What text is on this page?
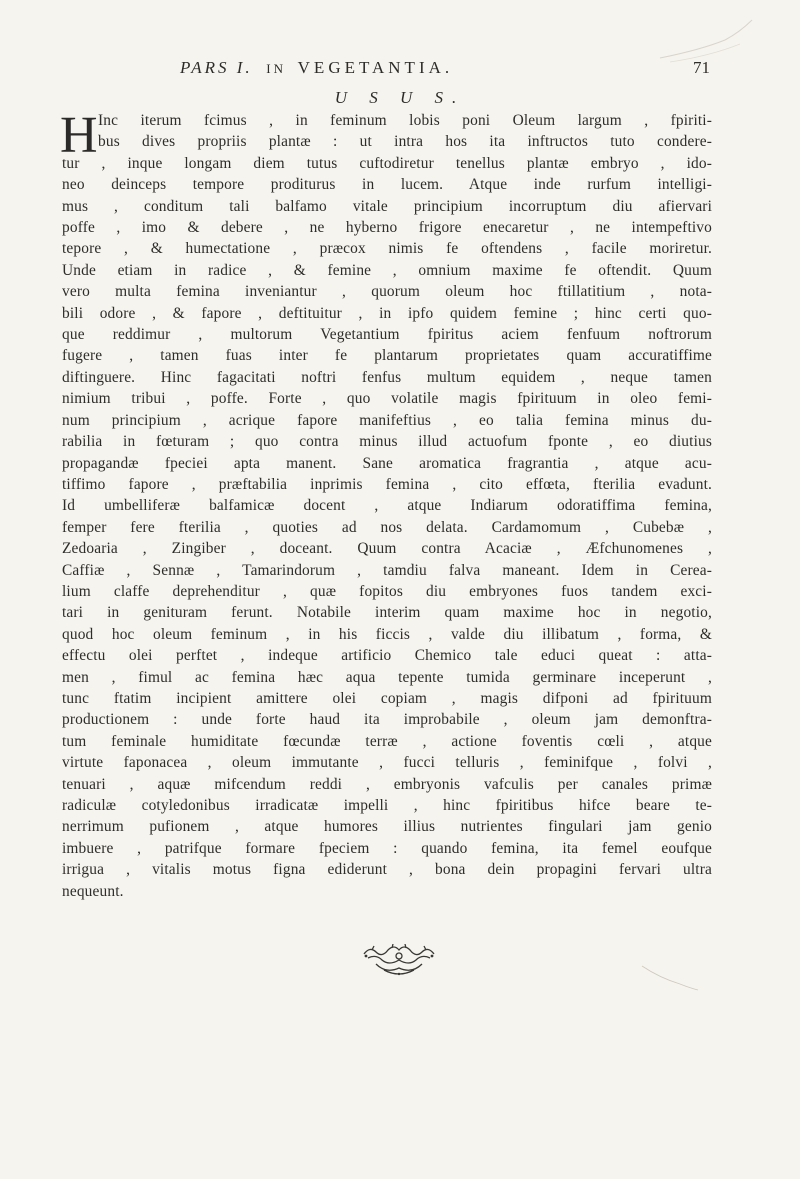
PARS I. IN VEGETANTIA.	71
U S U S.
H Inc iterum fcimus , in feminum lobis poni Oleum largum , fpiriti-
bus dives propriis plantæ : ut intra hos ita inftructos tuto condere-
tur , inque longam diem tutus cuftodiretur tenellus plantæ embryo , ido-
neo deinceps tempore proditurus in lucem. Atque inde rurfum intelligi-
mus , conditum tali balfamo vitale principium incorruptum diu afiervari
poffe , imo & debere , ne hyberno frigore enecaretur , ne intempeftivo
tepore , & humectatione , præcox nimis fe oftendens , facile moriretur.
Unde etiam in radice , & femine , omnium maxime fe oftendit. Quum
vero multa femina inveniantur , quorum oleum hoc ftillatitium , nota-
bili odore , & fapore , deftituitur , in ipfo quidem femine ; hinc certi quo-
que reddimur , multorum Vegetantium fpiritus aciem fenfuum noftrorum
fugere , tamen fuas inter fe plantarum proprietates quam accuratiffime
diftinguere. Hinc fagacitati noftri fenfus multum equidem , neque tamen
nimium tribui , poffe. Forte , quo volatile magis fpirituum in oleo femi-
num principium , acrique fapore manifeftius , eo talia femina minus du-
rabilia in fœturam ; quo contra minus illud actuofum fponte , eo diutius
propagandæ fpeciei apta manent. Sane aromatica fragrantia , atque acu-
tiffimo fapore , præftabilia inprimis femina , cito effœta, fterilia evadunt.
Id umbelliferæ balfamicæ docent , atque Indiarum odoratiffima femina,
femper fere fterilia , quoties ad nos delata. Cardamomum , Cubebæ ,
Zedoaria , Zingiber , doceant. Quum contra Acaciæ , Æfchunomenes ,
Caffiæ , Sennæ , Tamarindorum , tamdiu falva maneant. Idem in Cerea-
lium claffe deprehenditur , quæ fopitos diu embryones fuos tandem exci-
tari in genituram ferunt. Notabile interim quam maxime hoc in negotio,
quod hoc oleum feminum , in his ficcis , valde diu illibatum , forma, &
effectu olei perftet , indeque artificio Chemico tale educi queat : atta-
men , fimul ac femina hæc aqua tepente tumida germinare inceperunt ,
tunc ftatim incipient amittere olei copiam , magis difponi ad fpirituum
productionem : unde forte haud ita improbabile , oleum jam demonftra-
tum feminale humiditate fœcundæ terræ , actione foventis cœli , atque
virtute faponacea , oleum immutante , fucci telluris , feminifque , folvi ,
tenuari , aquæ mifcendum reddi , embryonis vafculis per canales primæ
radiculæ cotyledonibus irradicatæ impelli , hinc fpiritibus hifce beare te-
nerrimum pufionem , atque humores illius nutrientes fingulari jam genio
imbuere , patrifque formare fpeciem : quando femina, ita femel eoufque
irrigua , vitalis motus figna ediderunt , bona dein propagini fervari ultra
nequeunt.
